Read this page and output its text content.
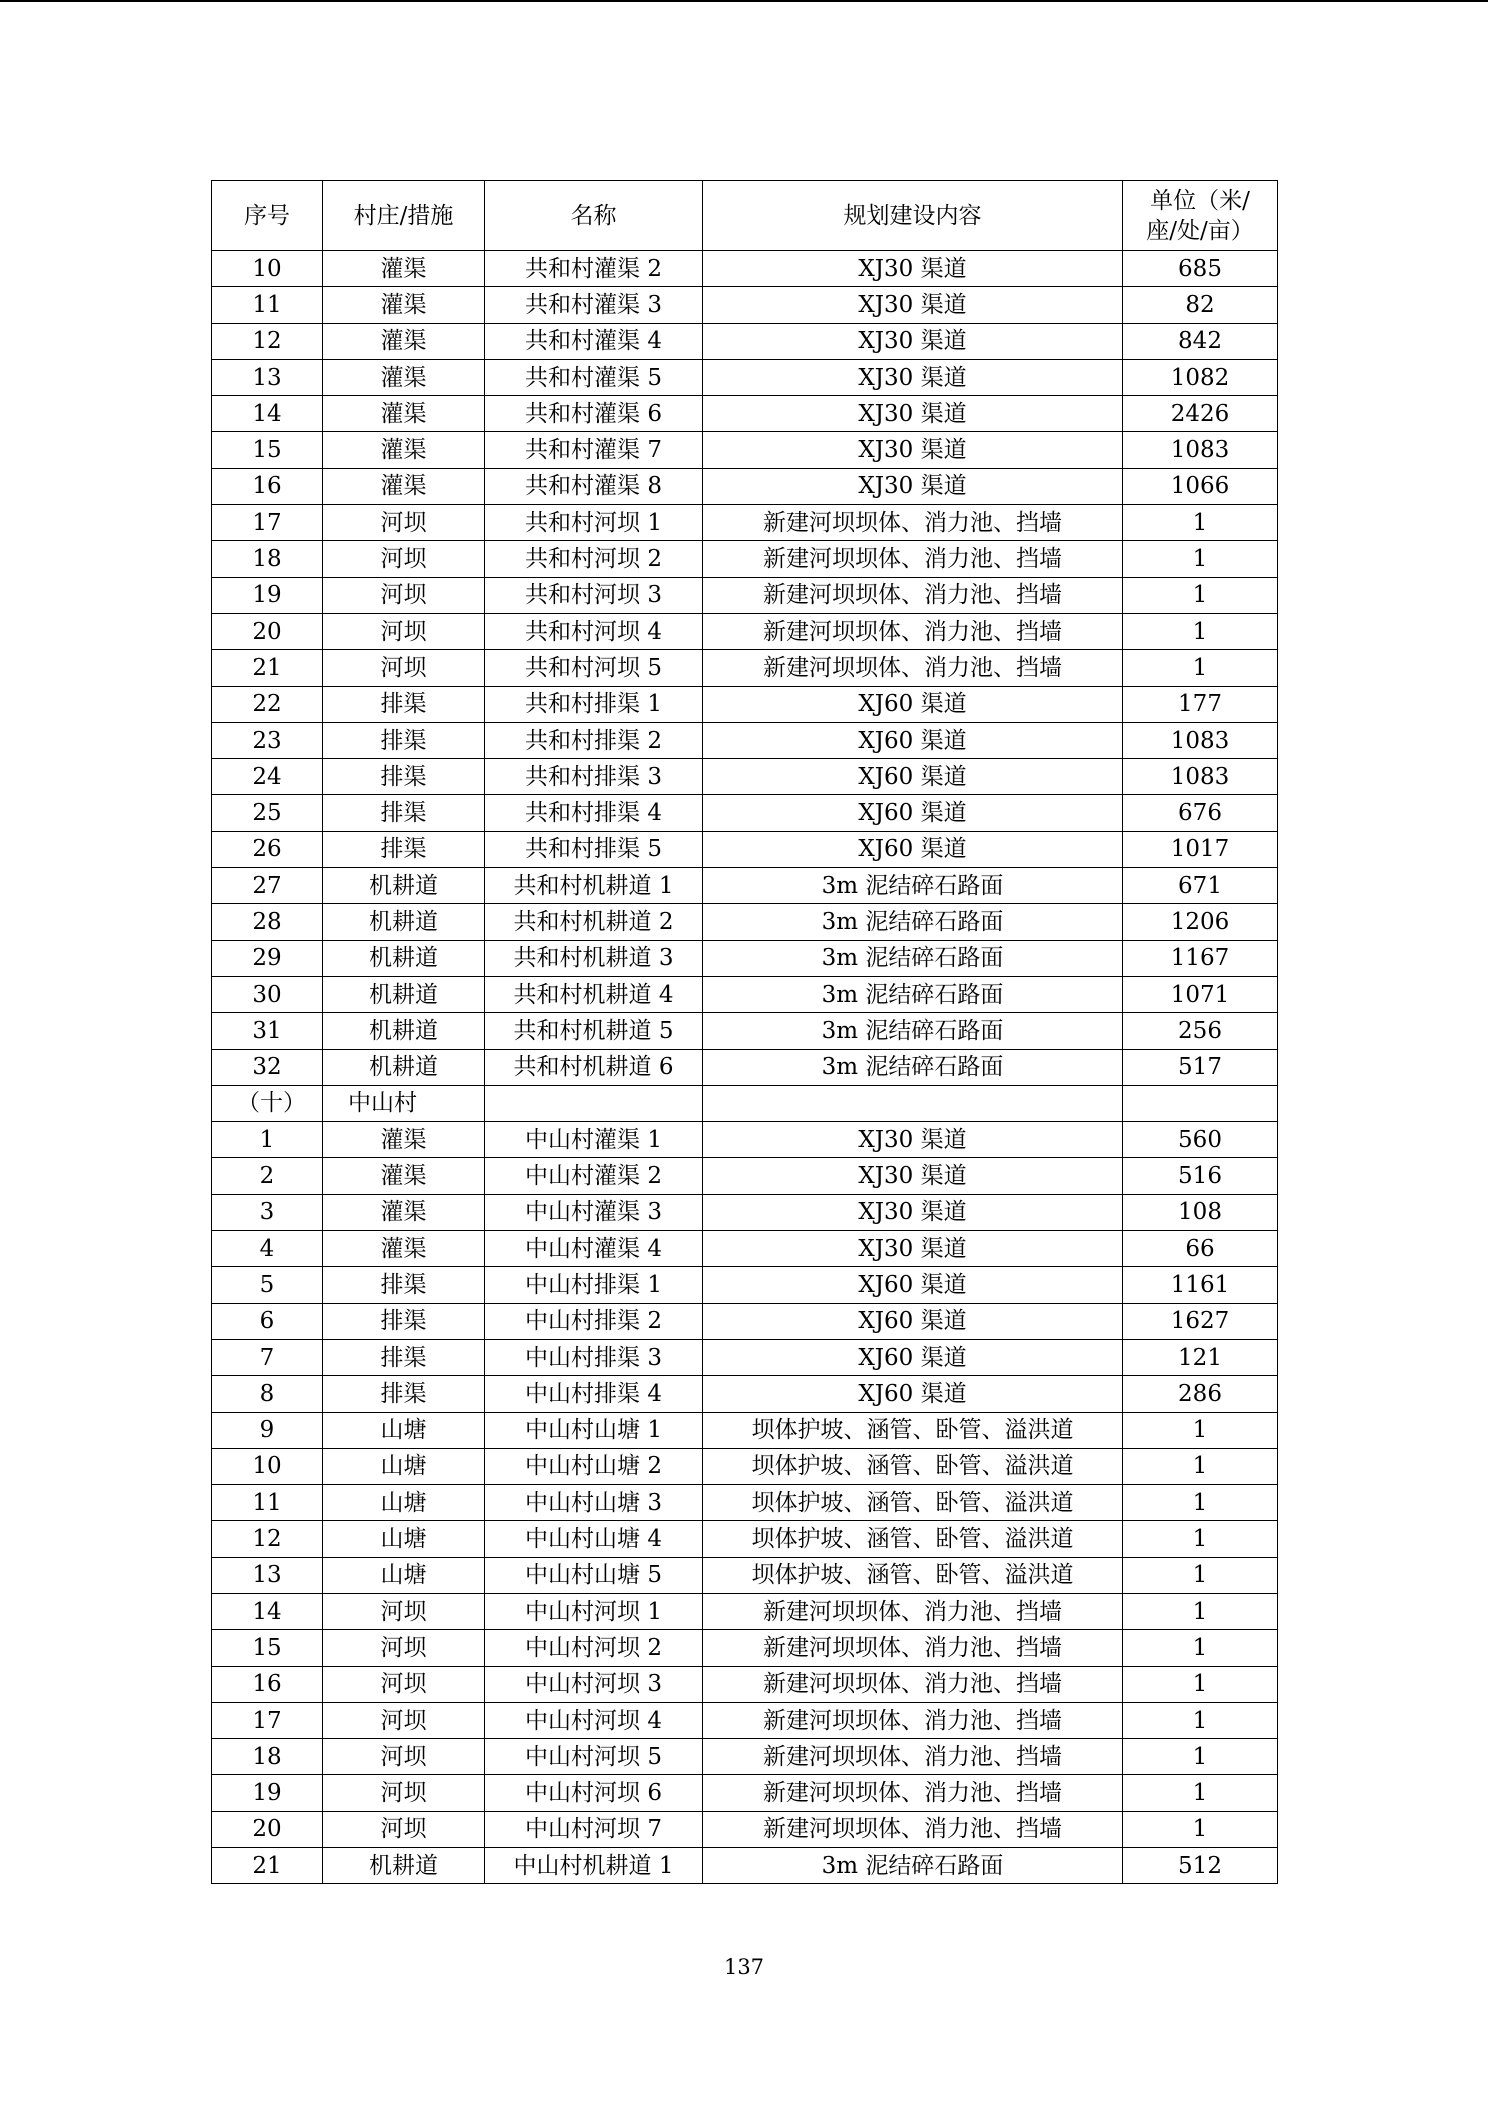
序号	村庄/措施	名称	规划建设内容	单位（米/
座/处/亩）
10	灌渠	共和村灌渠 2	XJ30 渠道	685
11	灌渠	共和村灌渠 3	XJ30 渠道	82
12	灌渠	共和村灌渠 4	XJ30 渠道	842
13	灌渠	共和村灌渠 5	XJ30 渠道	1082
14	灌渠	共和村灌渠 6	XJ30 渠道	2426
15	灌渠	共和村灌渠 7	XJ30 渠道	1083
16	灌渠	共和村灌渠 8	XJ30 渠道	1066
17	河坝	共和村河坝 1	新建河坝坝体、消力池、挡墙	1
18	河坝	共和村河坝 2	新建河坝坝体、消力池、挡墙	1
19	河坝	共和村河坝 3	新建河坝坝体、消力池、挡墙	1
20	河坝	共和村河坝 4	新建河坝坝体、消力池、挡墙	1
21	河坝	共和村河坝 5	新建河坝坝体、消力池、挡墙	1
22	排渠	共和村排渠 1	XJ60 渠道	177
23	排渠	共和村排渠 2	XJ60 渠道	1083
24	排渠	共和村排渠 3	XJ60 渠道	1083
25	排渠	共和村排渠 4	XJ60 渠道	676
26	排渠	共和村排渠 5	XJ60 渠道	1017
27	机耕道	共和村机耕道 1	3m 泥结碎石路面	671
28	机耕道	共和村机耕道 2	3m 泥结碎石路面	1206
29	机耕道	共和村机耕道 3	3m 泥结碎石路面	1167
30	机耕道	共和村机耕道 4	3m 泥结碎石路面	1071
31	机耕道	共和村机耕道 5	3m 泥结碎石路面	256
32	机耕道	共和村机耕道 6	3m 泥结碎石路面	517
（十）	中山村			
1	灌渠	中山村灌渠 1	XJ30 渠道	560
2	灌渠	中山村灌渠 2	XJ30 渠道	516
3	灌渠	中山村灌渠 3	XJ30 渠道	108
4	灌渠	中山村灌渠 4	XJ30 渠道	66
5	排渠	中山村排渠 1	XJ60 渠道	1161
6	排渠	中山村排渠 2	XJ60 渠道	1627
7	排渠	中山村排渠 3	XJ60 渠道	121
8	排渠	中山村排渠 4	XJ60 渠道	286
9	山塘	中山村山塘 1	坝体护坡、涵管、卧管、溢洪道	1
10	山塘	中山村山塘 2	坝体护坡、涵管、卧管、溢洪道	1
11	山塘	中山村山塘 3	坝体护坡、涵管、卧管、溢洪道	1
12	山塘	中山村山塘 4	坝体护坡、涵管、卧管、溢洪道	1
13	山塘	中山村山塘 5	坝体护坡、涵管、卧管、溢洪道	1
14	河坝	中山村河坝 1	新建河坝坝体、消力池、挡墙	1
15	河坝	中山村河坝 2	新建河坝坝体、消力池、挡墙	1
16	河坝	中山村河坝 3	新建河坝坝体、消力池、挡墙	1
17	河坝	中山村河坝 4	新建河坝坝体、消力池、挡墙	1
18	河坝	中山村河坝 5	新建河坝坝体、消力池、挡墙	1
19	河坝	中山村河坝 6	新建河坝坝体、消力池、挡墙	1
20	河坝	中山村河坝 7	新建河坝坝体、消力池、挡墙	1
21	机耕道	中山村机耕道 1	3m 泥结碎石路面	512
137
